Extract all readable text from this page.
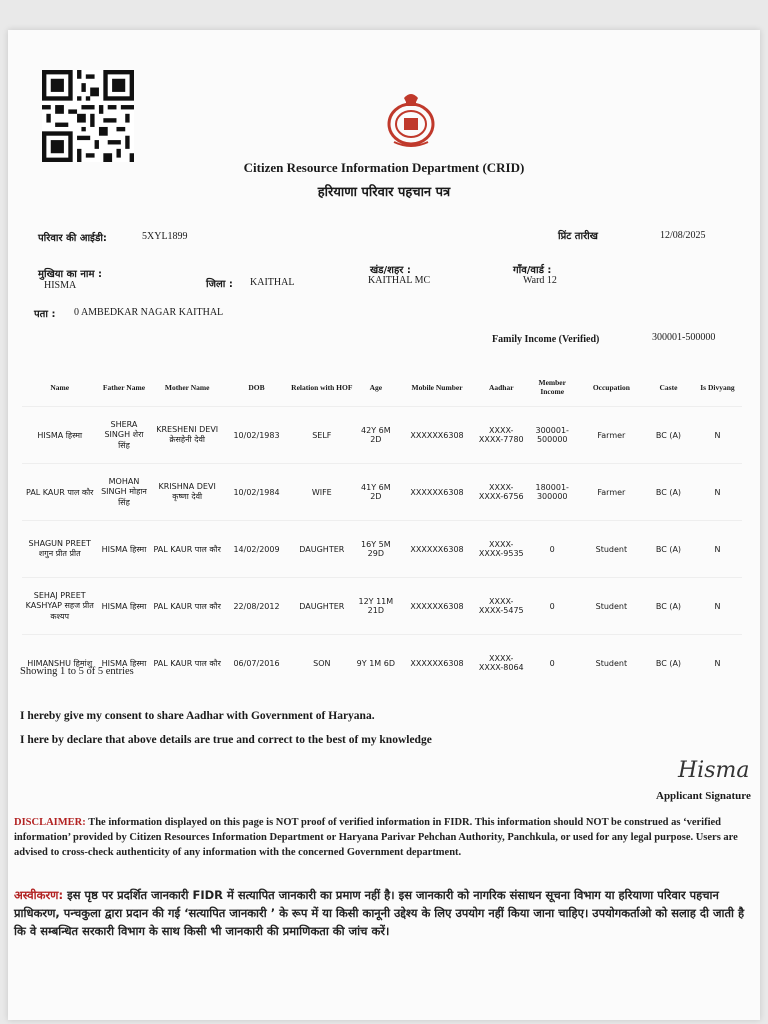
Citizen Resource Information Department (CRID)
हरियाणा परिवार पहचान पत्र
परिवार की आईडी:	5XYL1899	प्रिंट तारीख	12/08/2025
मुखिया का नाम :
HISMA	जिला : KAITHAL
खंड/शहर :
KAITHAL MC
गाँव/वार्ड :
Ward 12
पता : 0 AMBEDKAR NAGAR KAITHAL
Family Income (Verified)	300001-500000
Name	Father Name	Mother Name	DOB	Relation with HOF	Age	Mobile Number	Aadhar	Member Income	Occupation	Caste	Is Divyang
HISMA हिस्मा	SHERA SINGH शेरा सिंह	KRESHENI DEVI क्रेसहेनी देवी	10/02/1983	SELF	42Y 6M 2D	XXXXXX6308	XXXX-XXXX-7780	300001-500000	Farmer	BC (A)	N
PAL KAUR पाल कौर	MOHAN SINGH मोहान सिंह	KRISHNA DEVI कृष्णा देवी	10/02/1984	WIFE	41Y 6M 2D	XXXXXX6308	XXXX-XXXX-6756	180001-300000	Farmer	BC (A)	N
SHAGUN PREET शगुन प्रीत प्रीत	HISMA हिस्मा	PAL KAUR पाल कौर	14/02/2009	DAUGHTER	16Y 5M 29D	XXXXXX6308	XXXX-XXXX-9535	0	Student	BC (A)	N
SEHAJ PREET KASHYAP सहज प्रीत कश्यप	HISMA हिस्मा	PAL KAUR पाल कौर	22/08/2012	DAUGHTER	12Y 11M 21D	XXXXXX6308	XXXX-XXXX-5475	0	Student	BC (A)	N
HIMANSHU हिमांशु	HISMA हिस्मा	PAL KAUR पाल कौर	06/07/2016	SON	9Y 1M 6D	XXXXXX6308	XXXX-XXXX-8064	0	Student	BC (A)	N
Showing 1 to 5 of 5 entries
I hereby give my consent to share Aadhar with Government of Haryana.
I here by declare that above details are true and correct to the best of my knowledge
Hisma
Applicant Signature
DISCLAIMER: The information displayed on this page is NOT proof of verified information in FIDR. This information should NOT be construed as ‘verified information’ provided by Citizen Resources Information Department or Haryana Parivar Pehchan Authority, Panchkula, or used for any legal purpose. Users are advised to cross-check authenticity of any information with the concerned Government department.
अस्वीकरण: इस पृष्ठ पर प्रदर्शित जानकारी FIDR में सत्यापित जानकारी का प्रमाण नहीं है। इस जानकारी को नागरिक संसाधन सूचना विभाग या हरियाणा परिवार पहचान प्राधिकरण, पन्चकुला द्वारा प्रदान की गई ‘सत्यापित जानकारी ’ के रूप में या किसी कानूनी उद्देश्य के लिए उपयोग नहीं किया जाना चाहिए। उपयोगकर्ताओ को सलाह दी जाती है कि वे सम्बन्धित सरकारी विभाग के साथ किसी भी जानकारी की प्रमाणिकता की जांच करें।
